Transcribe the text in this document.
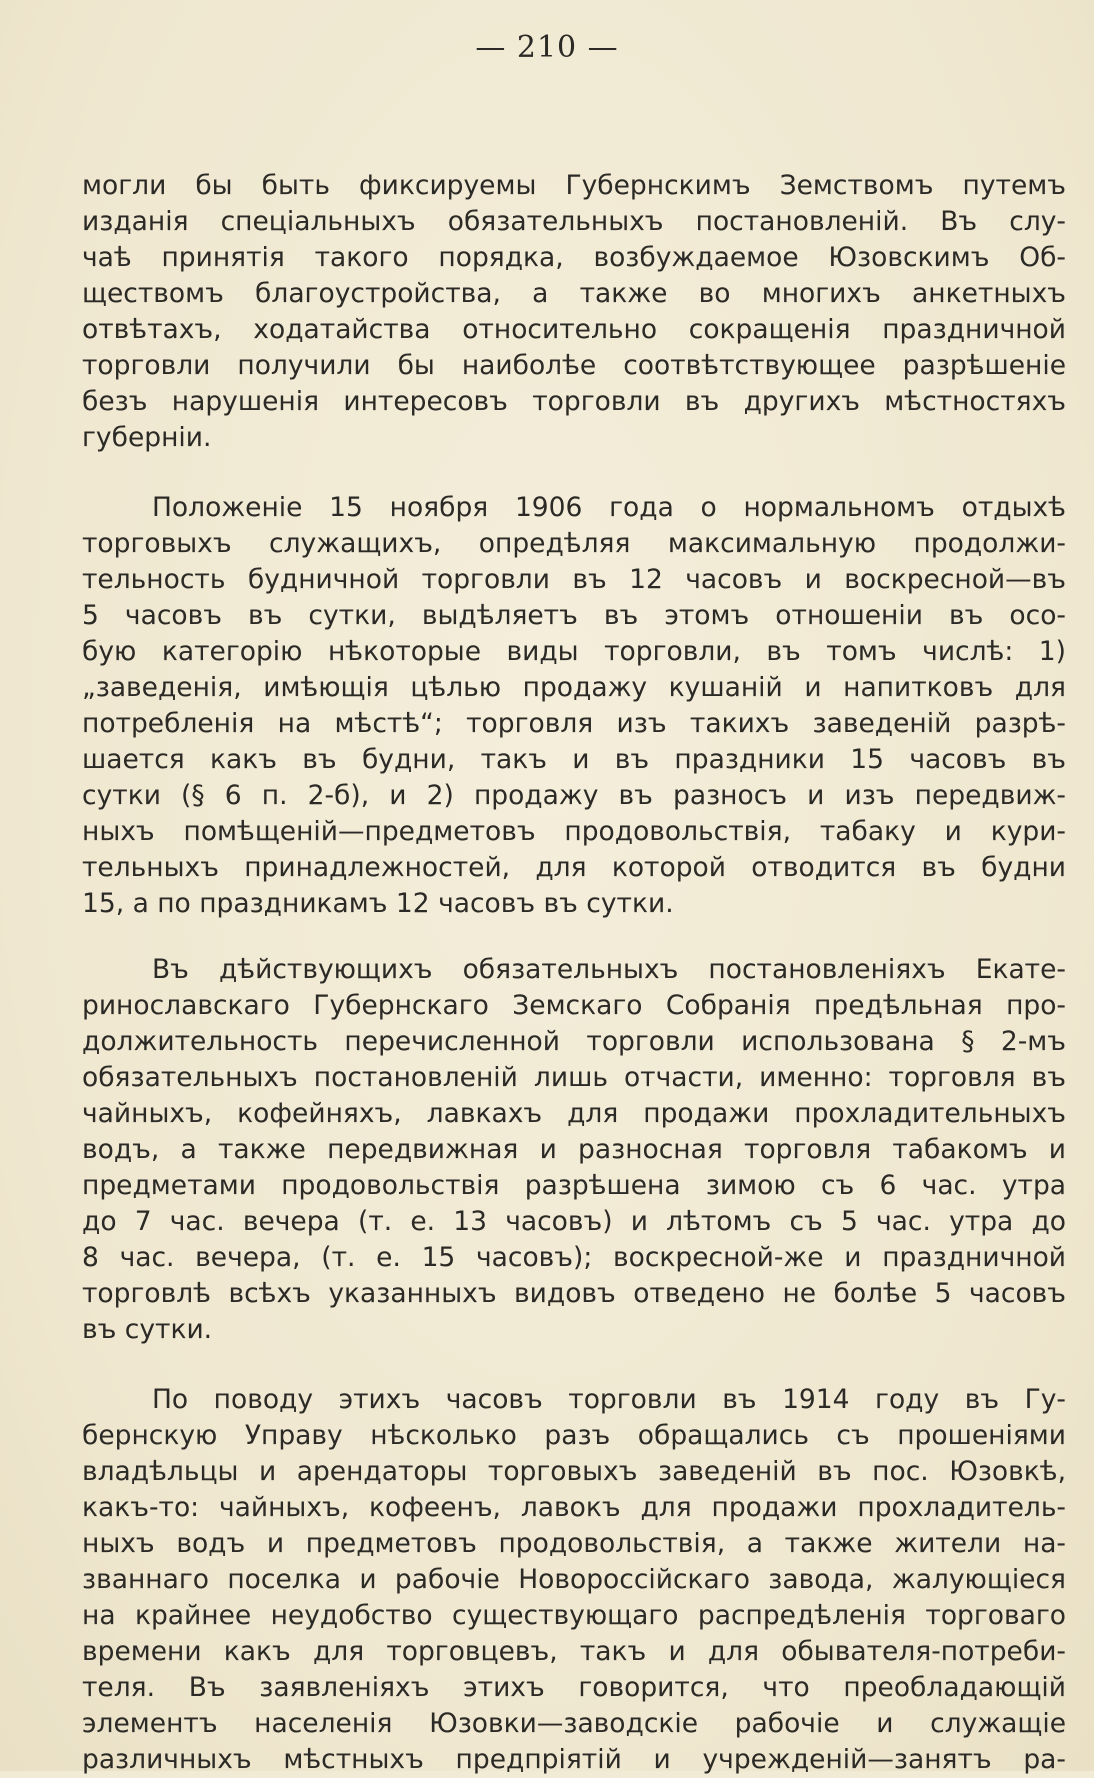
— 210 —
могли бы быть фиксируемы Губернскимъ Земствомъ путемъ
изданія спеціальныхъ обязательныхъ постановленій. Въ слу-
чаѣ принятія такого порядка, возбуждаемое Юзовскимъ Об-
ществомъ благоустройства, а также во многихъ анкетныхъ
отвѣтахъ, ходатайства относительно сокращенія праздничной
торговли получили бы наиболѣе соотвѣтствующее разрѣшеніе
безъ нарушенія интересовъ торговли въ другихъ мѣстностяхъ
губерніи.
Положеніе 15 ноября 1906 года о нормальномъ отдыхѣ
торговыхъ служащихъ, опредѣляя максимальную продолжи-
тельность будничной торговли въ 12 часовъ и воскресной—въ
5 часовъ въ сутки, выдѣляетъ въ этомъ отношеніи въ осо-
бую категорію нѣкоторые виды торговли, въ томъ числѣ: 1)
„заведенія, имѣющія цѣлью продажу кушаній и напитковъ для
потребленія на мѣстѣ“; торговля изъ такихъ заведеній разрѣ-
шается какъ въ будни, такъ и въ праздники 15 часовъ въ
сутки (§ 6 п. 2-б), и 2) продажу въ разносъ и изъ передвиж-
ныхъ помѣщеній—предметовъ продовольствія, табаку и кури-
тельныхъ принадлежностей, для которой отводится въ будни
15, а по праздникамъ 12 часовъ въ сутки.
Въ дѣйствующихъ обязательныхъ постановленіяхъ Екате-
ринославскаго Губернскаго Земскаго Собранія предѣльная про-
должительность перечисленной торговли использована § 2-мъ
обязательныхъ постановленій лишь отчасти, именно: торговля въ
чайныхъ, кофейняхъ, лавкахъ для продажи прохладительныхъ
водъ, а также передвижная и разносная торговля табакомъ и
предметами продовольствія разрѣшена зимою съ 6 час. утра
до 7 час. вечера (т. е. 13 часовъ) и лѣтомъ съ 5 час. утра до
8 час. вечера, (т. е. 15 часовъ); воскресной-же и праздничной
торговлѣ всѣхъ указанныхъ видовъ отведено не болѣе 5 часовъ
въ сутки.
По поводу этихъ часовъ торговли въ 1914 году въ Гу-
бернскую Управу нѣсколько разъ обращались съ прошеніями
владѣльцы и арендаторы торговыхъ заведеній въ пос. Юзовкѣ,
какъ-то: чайныхъ, кофеенъ, лавокъ для продажи прохладитель-
ныхъ водъ и предметовъ продовольствія, а также жители на-
званнаго поселка и рабочіе Новороссійскаго завода, жалующіеся
на крайнее неудобство существующаго распредѣленія торговаго
времени какъ для торговцевъ, такъ и для обывателя-потреби-
теля. Въ заявленіяхъ этихъ говорится, что преобладающій
элементъ населенія Юзовки—заводскіе рабочіе и служащіе
различныхъ мѣстныхъ предпріятій и учрежденій—занятъ ра-
